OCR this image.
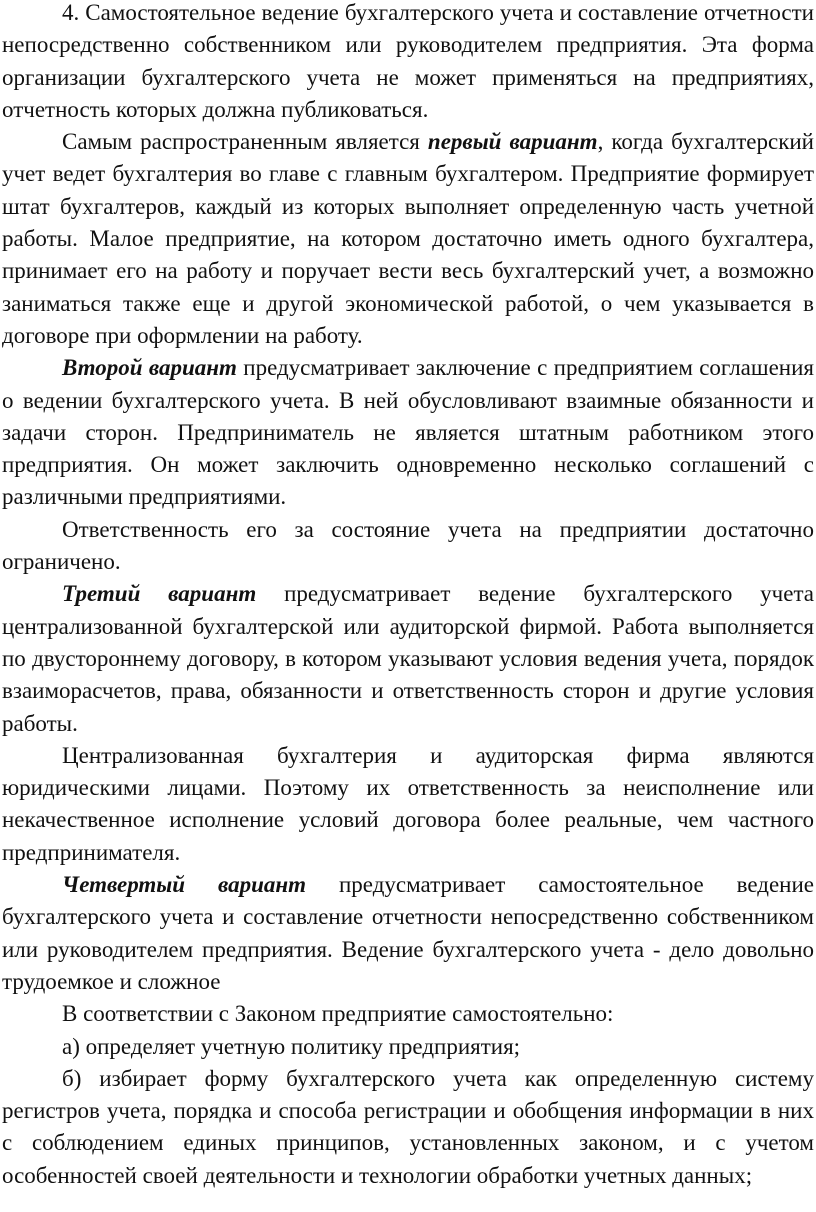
4. Самостоятельное ведение бухгалтерского учета и составление отчетности непосредственно собственником или руководителем предприятия. Эта форма организации бухгалтерского учета не может применяться на предприятиях, отчетность которых должна публиковаться.

Самым распространенным является первый вариант, когда бухгалтерский учет ведет бухгалтерия во главе с главным бухгалтером. Предприятие формирует штат бухгалтеров, каждый из которых выполняет определенную часть учетной работы. Малое предприятие, на котором достаточно иметь одного бухгалтера, принимает его на работу и поручает вести весь бухгалтерский учет, а возможно заниматься также еще и другой экономической работой, о чем указывается в договоре при оформлении на работу.

Второй вариант предусматривает заключение с предприятием соглашения о ведении бухгалтерского учета. В ней обусловливают взаимные обязанности и задачи сторон. Предприниматель не является штатным работником этого предприятия. Он может заключить одновременно несколько соглашений с различными предприятиями.

Ответственность его за состояние учета на предприятии достаточно ограничено.

Третий вариант предусматривает ведение бухгалтерского учета централизованной бухгалтерской или аудиторской фирмой. Работа выполняется по двустороннему договору, в котором указывают условия ведения учета, порядок взаиморасчетов, права, обязанности и ответственность сторон и другие условия работы.

Централизованная бухгалтерия и аудиторская фирма являются юридическими лицами. Поэтому их ответственность за неисполнение или некачественное исполнение условий договора более реальные, чем частного предпринимателя.

Четвертый вариант предусматривает самостоятельное ведение бухгалтерского учета и составление отчетности непосредственно собственником или руководителем предприятия. Ведение бухгалтерского учета - дело довольно трудоемкое и сложное

В соответствии с Законом предприятие самостоятельно:

а) определяет учетную политику предприятия;

б) избирает форму бухгалтерского учета как определенную систему регистров учета, порядка и способа регистрации и обобщения информации в них с соблюдением единых принципов, установленных законом, и с учетом особенностей своей деятельности и технологии обработки учетных данных;
